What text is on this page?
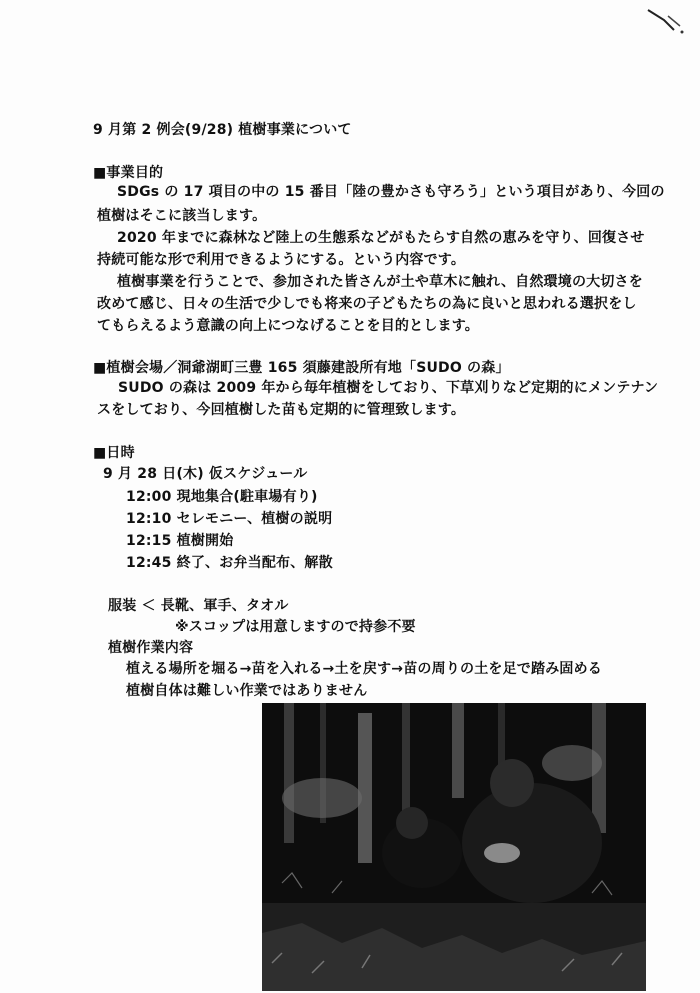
9 月第 2 例会(9/28) 植樹事業について
■事業目的
SDGs の 17 項目の中の 15 番目「陸の豊かさも守ろう」という項目があり、今回の
植樹はそこに該当します。
2020 年までに森林など陸上の生態系などがもたらす自然の恵みを守り、回復させ
持続可能な形で利用できるようにする。という内容です。
植樹事業を行うことで、参加された皆さんが土や草木に触れ、自然環境の大切さを
改めて感じ、日々の生活で少しでも将来の子どもたちの為に良いと思われる選択をし
てもらえるよう意識の向上につなげることを目的とします。
■植樹会場／洞爺湖町三豊 165 須藤建設所有地「SUDO の森」
SUDO の森は 2009 年から毎年植樹をしており、下草刈りなど定期的にメンテナン
スをしており、今回植樹した苗も定期的に管理致します。
■日時
9 月 28 日(木) 仮スケジュール
12:00 現地集合(駐車場有り)
12:10 セレモニー、植樹の説明
12:15 植樹開始
12:45 終了、お弁当配布、解散
服装 ＜ 長靴、軍手、タオル
※スコップは用意しますので持参不要
植樹作業内容
植える場所を堀る→苗を入れる→土を戻す→苗の周りの土を足で踏み固める
植樹自体は難しい作業ではありません
